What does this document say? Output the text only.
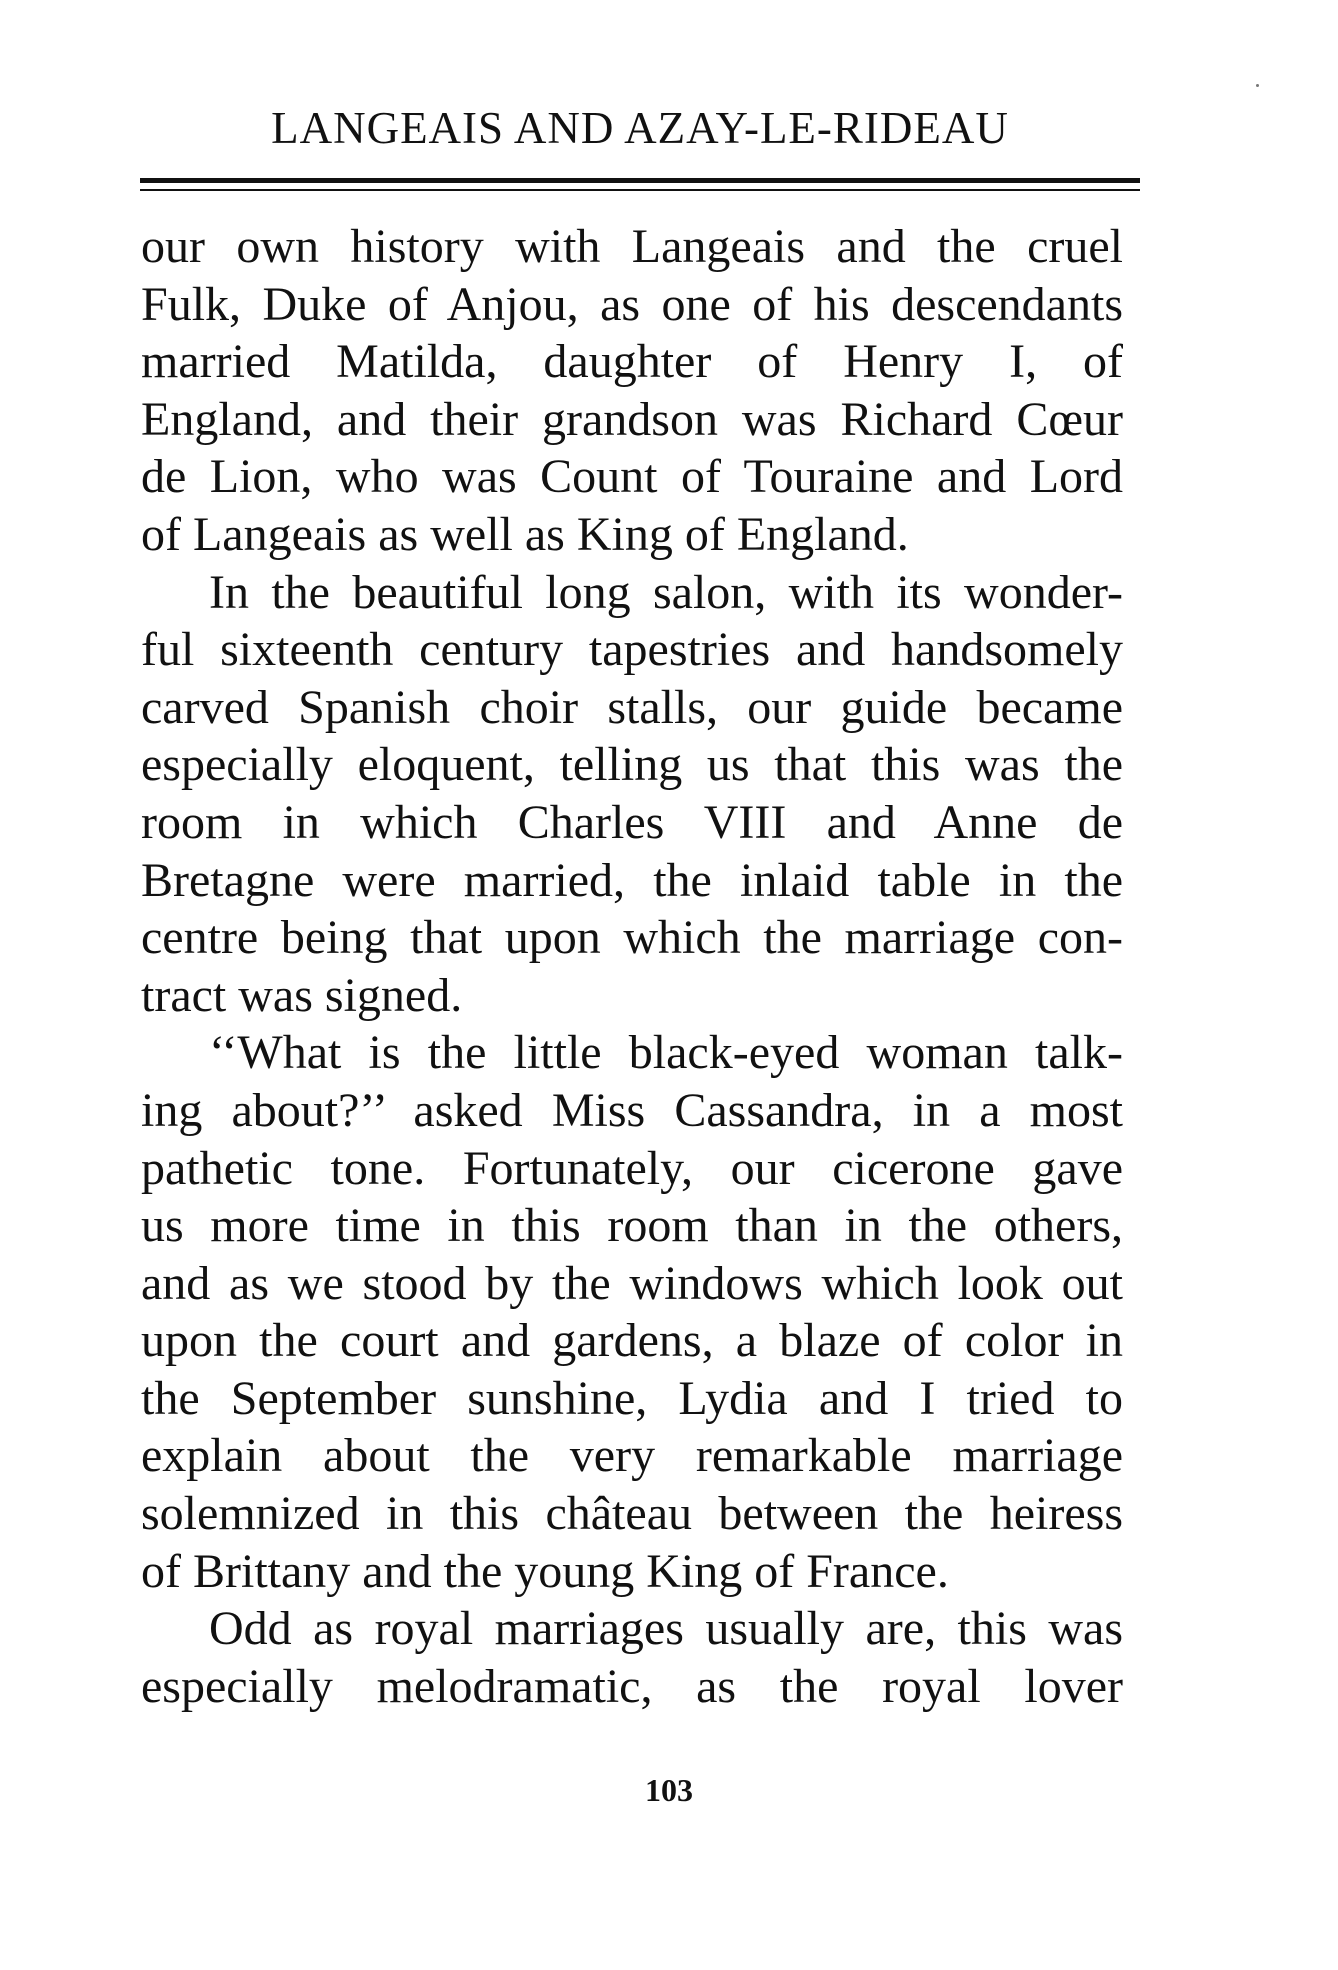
LANGEAIS AND AZAY-LE-RIDEAU
our own history with Langeais and the cruel
Fulk, Duke of Anjou, as one of his descendants
married Matilda, daughter of Henry I, of
England, and their grandson was Richard Cœur
de Lion, who was Count of Touraine and Lord
of Langeais as well as King of England.
In the beautiful long salon, with its wonder-
ful sixteenth century tapestries and handsomely
carved Spanish choir stalls, our guide became
especially eloquent, telling us that this was the
room in which Charles VIII and Anne de
Bretagne were married, the inlaid table in the
centre being that upon which the marriage con-
tract was signed.
‘‘What is the little black-eyed woman talk-
ing about?’’ asked Miss Cassandra, in a most
pathetic tone. Fortunately, our cicerone gave
us more time in this room than in the others,
and as we stood by the windows which look out
upon the court and gardens, a blaze of color in
the September sunshine, Lydia and I tried to
explain about the very remarkable marriage
solemnized in this château between the heiress
of Brittany and the young King of France.
Odd as royal marriages usually are, this was
especially melodramatic, as the royal lover
103
